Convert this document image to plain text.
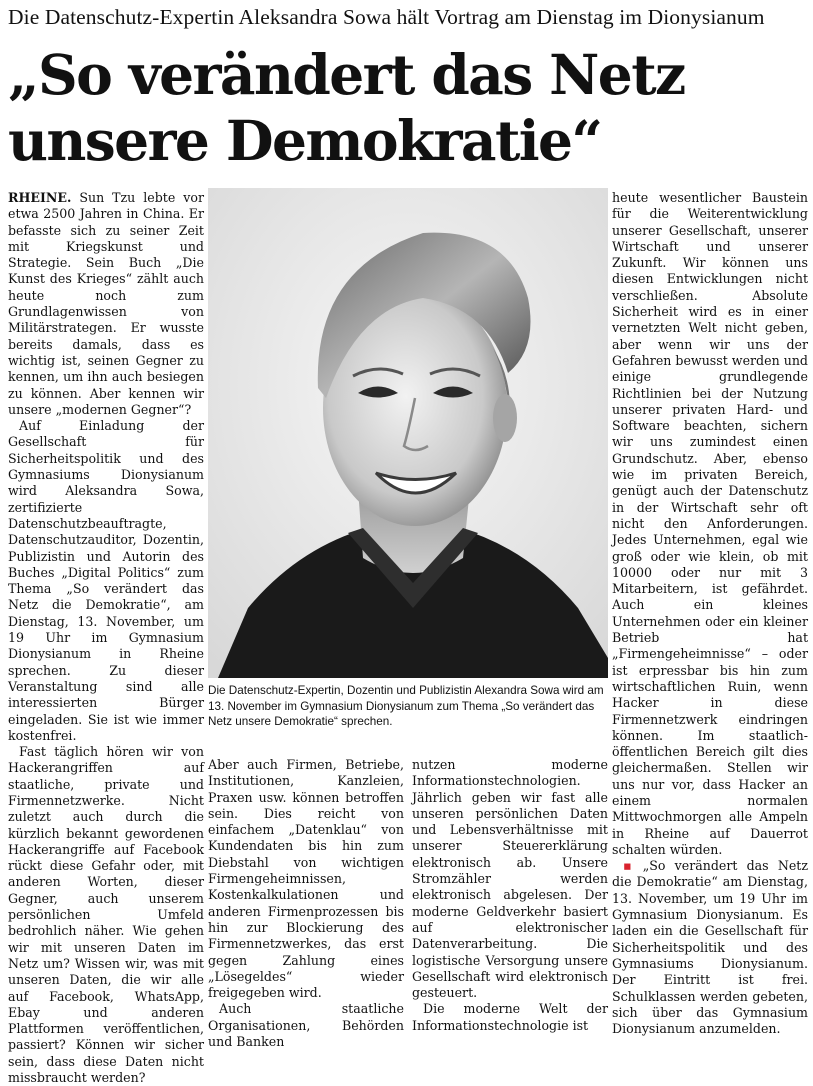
Die Datenschutz-Expertin Aleksandra Sowa hält Vortrag am Dienstag im Dionysianum
„So verändert das Netz unsere Demokratie“

RHEINE. Sun Tzu lebte vor etwa 2500 Jahren in China. Er befasste sich zu seiner Zeit mit Kriegskunst und Strategie. Sein Buch „Die Kunst des Krieges“ zählt auch heute noch zum Grundlagenwissen von Militärstrategen. Er wusste bereits damals, dass es wichtig ist, seinen Gegner zu kennen, um ihn auch besiegen zu können. Aber kennen wir unsere „modernen Gegner“?

Auf Einladung der Gesellschaft für Sicherheitspolitik und des Gymnasiums Dionysianum wird Aleksandra Sowa, zertifizierte Datenschutzbeauftragte, Datenschutzauditor, Dozentin, Publizistin und Autorin des Buches „Digital Politics“ zum Thema „So verändert das Netz die Demokratie“, am Dienstag, 13. November, um 19 Uhr im Gymnasium Dionysianum in Rheine sprechen. Zu dieser Veranstaltung sind alle interessierten Bürger eingeladen. Sie ist wie immer kostenfrei.

Fast täglich hören wir von Hackerangriffen auf staatliche, private und Firmennetzwerke. Nicht zuletzt auch durch die kürzlich bekannt gewordenen Hackerangriffe auf Facebook rückt diese Gefahr oder, mit anderen Worten, dieser Gegner, auch unserem persönlichen Umfeld bedrohlich näher. Wie gehen wir mit unseren Daten im Netz um? Wissen wir, was mit unseren Daten, die wir alle auf Facebook, WhatsApp, Ebay und anderen Plattformen veröffentlichen, passiert? Können wir sicher sein, dass diese Daten nicht missbraucht werden?

Die Datenschutz-Expertin, Dozentin und Publizistin Alexandra Sowa wird am 13. November im Gymnasium Dionysianum zum Thema „So verändert das Netz unsere Demokratie“ sprechen.

Aber auch Firmen, Betriebe, Institutionen, Kanzleien, Praxen usw. können betroffen sein. Dies reicht von einfachem „Datenklau“ von Kundendaten bis hin zum Diebstahl von wichtigen Firmengeheimnissen, Kostenkalkulationen und anderen Firmenprozessen bis hin zur Blockierung des Firmennetzwerkes, das erst gegen Zahlung eines „Lösegeldes“ wieder freigegeben wird.

Auch staatliche Organisationen, Behörden und Banken

nutzen moderne Informationstechnologien. Jährlich geben wir fast alle unseren persönlichen Daten und Lebensverhältnisse mit unserer Steuererklärung elektronisch ab. Unsere Stromzähler werden elektronisch abgelesen. Der moderne Geldverkehr basiert auf elektronischer Datenverarbeitung. Die logistische Versorgung unsere Gesellschaft wird elektronisch gesteuert.

Die moderne Welt der Informationstechnologie ist

heute wesentlicher Baustein für die Weiterentwicklung unserer Gesellschaft, unserer Wirtschaft und unserer Zukunft. Wir können uns diesen Entwicklungen nicht verschließen. Absolute Sicherheit wird es in einer vernetzten Welt nicht geben, aber wenn wir uns der Gefahren bewusst werden und einige grundlegende Richtlinien bei der Nutzung unserer privaten Hard- und Software beachten, sichern wir uns zumindest einen Grundschutz. Aber, ebenso wie im privaten Bereich, genügt auch der Datenschutz in der Wirtschaft sehr oft nicht den Anforderungen. Jedes Unternehmen, egal wie groß oder wie klein, ob mit 10000 oder nur mit 3 Mitarbeitern, ist gefährdet. Auch ein kleines Unternehmen oder ein kleiner Betrieb hat „Firmengeheimnisse“ – oder ist erpressbar bis hin zum wirtschaftlichen Ruin, wenn Hacker in diese Firmennetzwerk eindringen können. Im staatlich-öffentlichen Bereich gilt dies gleichermaßen. Stellen wir uns nur vor, dass Hacker an einem normalen Mittwochmorgen alle Ampeln in Rheine auf Dauerrot schalten würden.

▪ „So verändert das Netz die Demokratie“ am Dienstag, 13. November, um 19 Uhr im Gymnasium Dionysianum. Es laden ein die Gesellschaft für Sicherheitspolitik und des Gymnasiums Dionysianum. Der Eintritt ist frei. Schulklassen werden gebeten, sich über das Gymnasium Dionysianum anzumelden.
